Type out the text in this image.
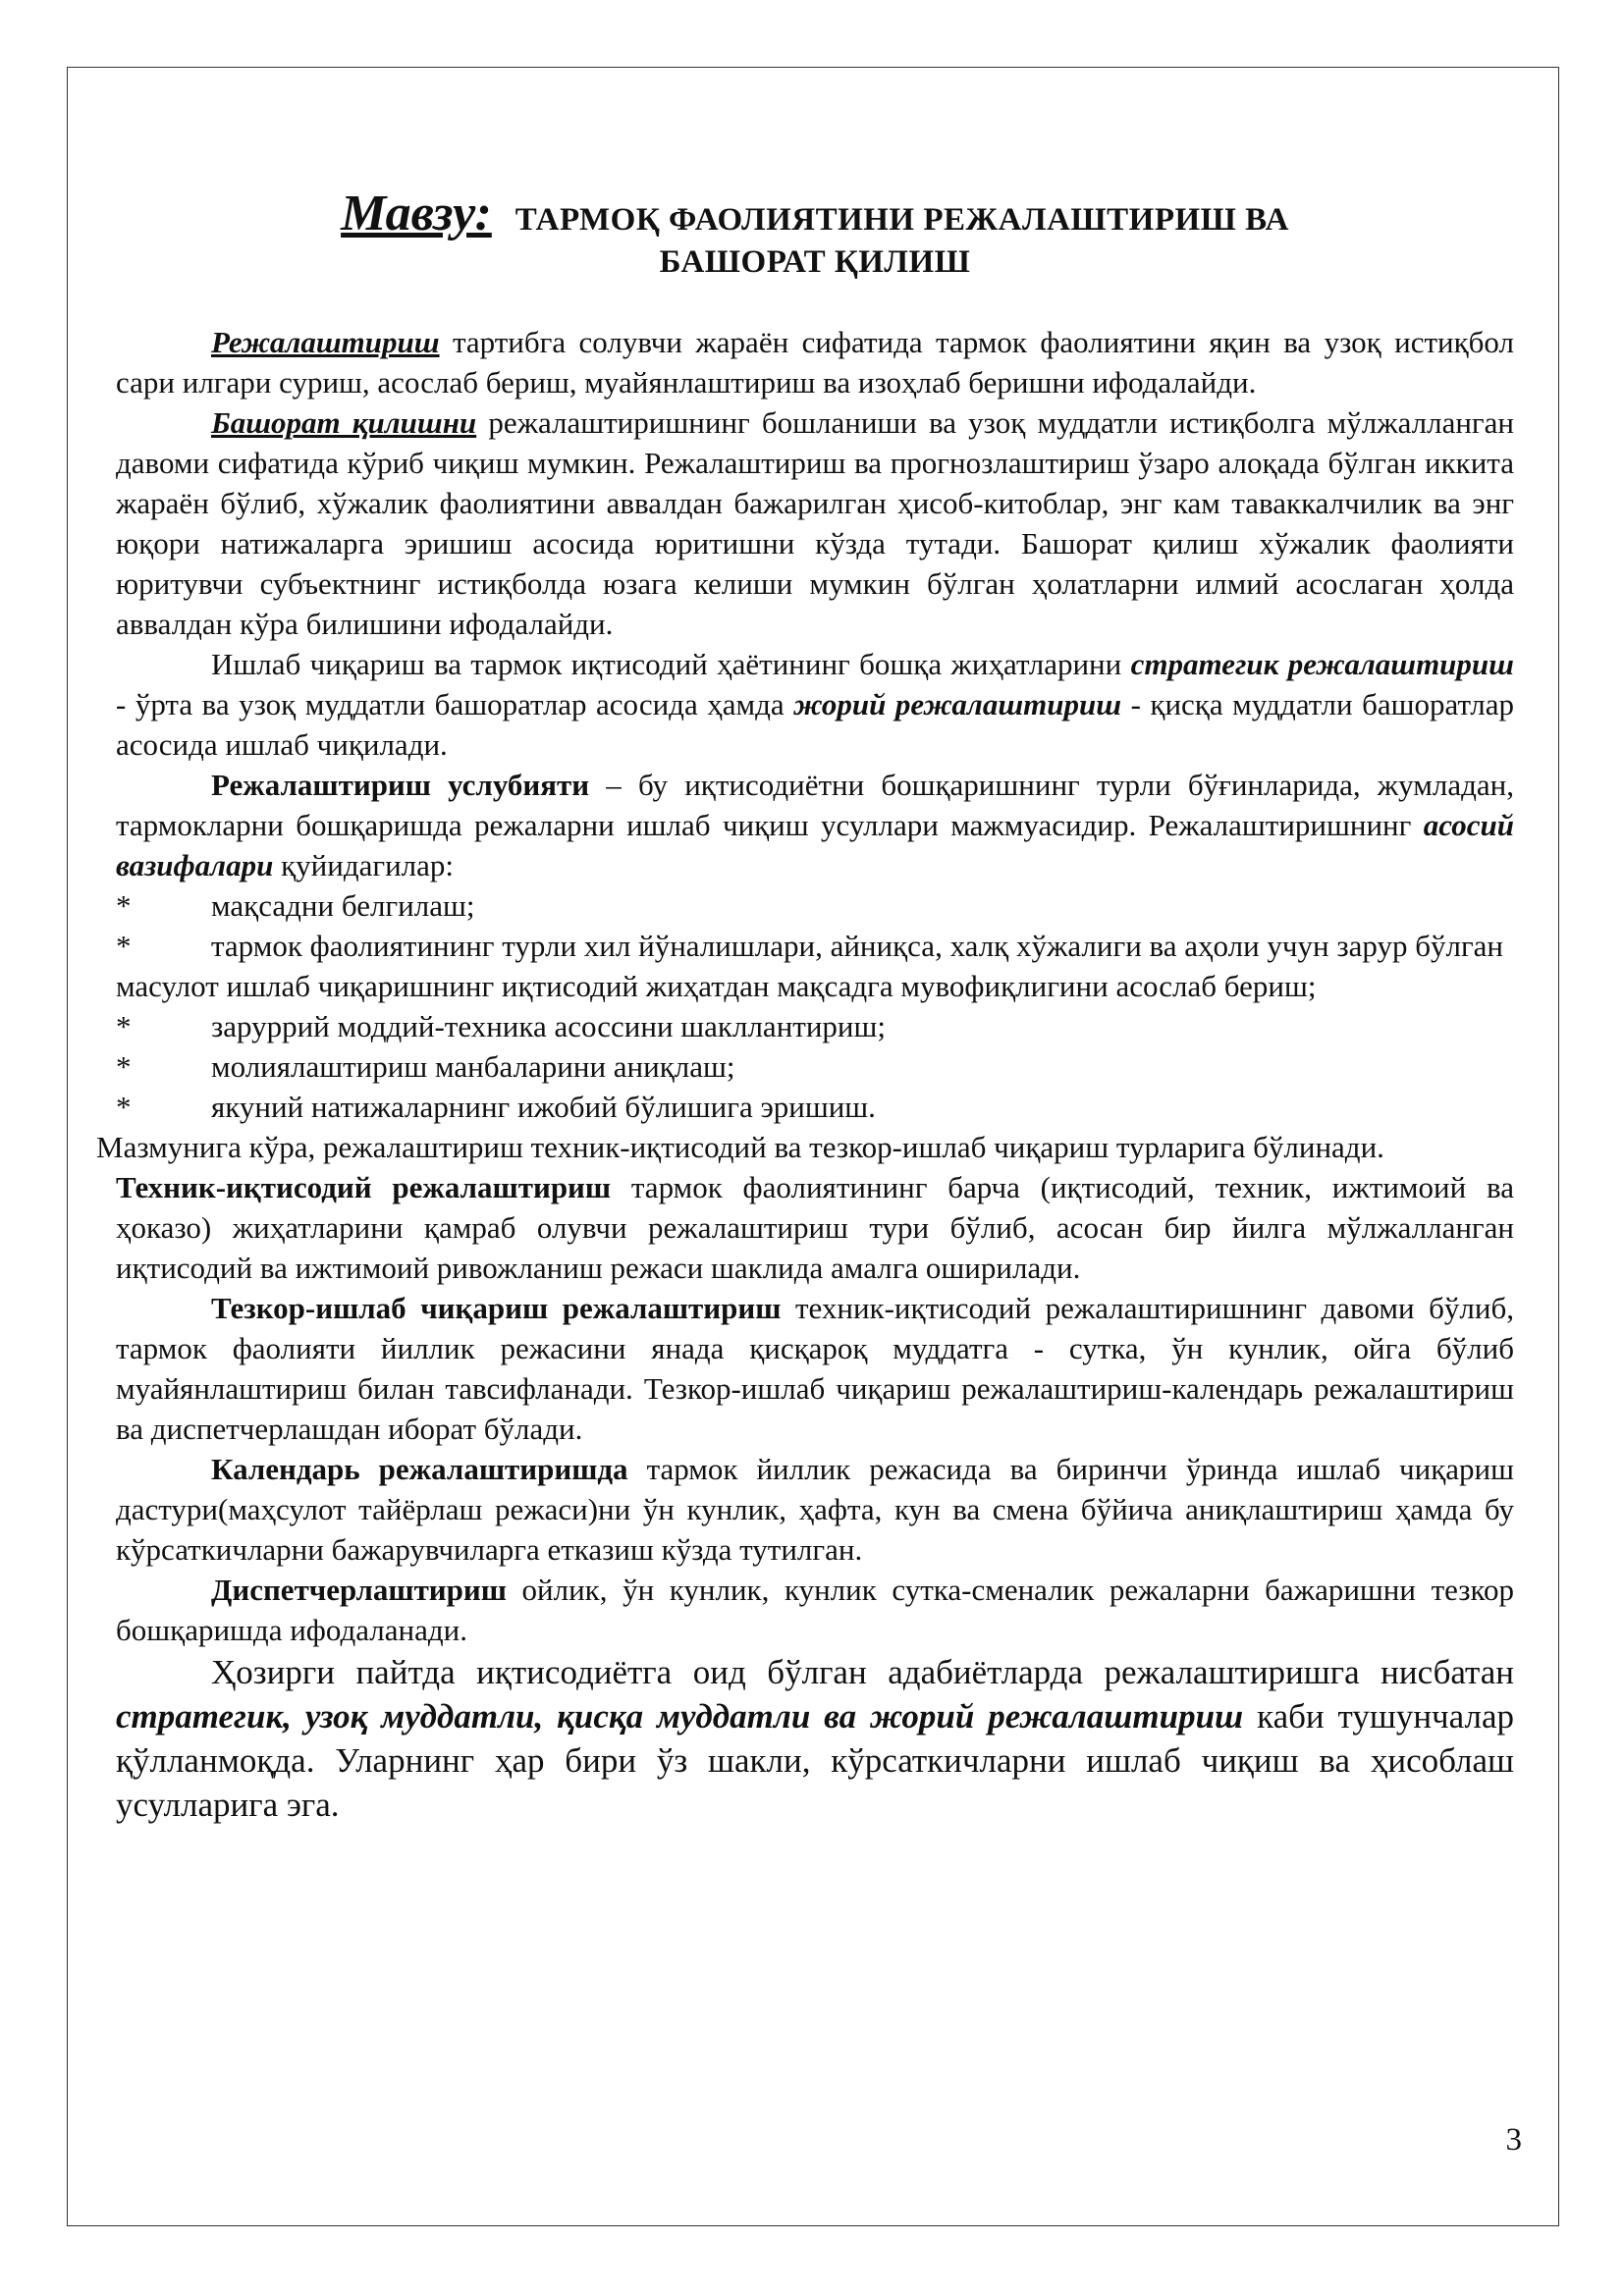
Мавзу: ТАРМОҚ ФАОЛИЯТИНИ РЕЖАЛАШТИРИШ ВА
БАШОРАТ ҚИЛИШ

Режалаштириш тартибга солувчи жараён сифатида тармок фаолиятини яқин ва узоқ истиқбол сари илгари суриш, асослаб бериш, муайянлаштириш ва изоҳлаб беришни ифодалайди.

Башорат қилишни режалаштиришнинг бошланиши ва узоқ муддатли истиқболга мўлжалланган давоми сифатида кўриб чиқиш мумкин. Режалаштириш ва прогнозлаштириш ўзаро алоқада бўлган иккита жараён бўлиб, хўжалик фаолиятини аввалдан бажарилган ҳисоб-китоблар, энг кам таваккалчилик ва энг юқори натижаларга эришиш асосида юритишни кўзда тутади. Башорат қилиш хўжалик фаолияти юритувчи субъектнинг истиқболда юзага келиши мумкин бўлган ҳолатларни илмий асослаган ҳолда аввалдан кўра билишини ифодалайди.

Ишлаб чиқариш ва тармок иқтисодий ҳаётининг бошқа жиҳатларини стратегик режалаштириш - ўрта ва узоқ муддатли башоратлар асосида ҳамда жорий режалаштириш - қисқа муддатли башоратлар асосида ишлаб чиқилади.

Режалаштириш услубияти – бу иқтисодиётни бошқаришнинг турли бўғинларида, жумладан, тармокларни бошқаришда режаларни ишлаб чиқиш усуллари мажмуасидир. Режалаштиришнинг асосий вазифалари қуйидагилар:

*	мақсадни белгилаш;
*	тармок фаолиятининг турли хил йўналишлари, айниқса, халқ хўжалиги ва аҳоли учун зарур бўлган масулот ишлаб чиқаришнинг иқтисодий жиҳатдан мақсадга мувофиқлигини асослаб бериш;
*	заруррий моддий-техника асоссини шакллантириш;
*	молиялаштириш манбаларини аниқлаш;
*	якуний натижаларнинг ижобий бўлишига эришиш.

Мазмунига кўра, режалаштириш техник-иқтисодий ва тезкор-ишлаб чиқариш турларига бўлинади.

Техник-иқтисодий режалаштириш тармок фаолиятининг барча (иқтисодий, техник, ижтимоий ва ҳоказо) жиҳатларини қамраб олувчи режалаштириш тури бўлиб, асосан бир йилга мўлжалланган иқтисодий ва ижтимоий ривожланиш режаси шаклида амалга оширилади.

Тезкор-ишлаб чиқариш режалаштириш техник-иқтисодий режалаштиришнинг давоми бўлиб, тармок фаолияти йиллик режасини янада қисқароқ муддатга - сутка, ўн кунлик, ойга бўлиб муайянлаштириш билан тавсифланади. Тезкор-ишлаб чиқариш режалаштириш-календарь режалаштириш ва диспетчерлашдан иборат бўлади.

Календарь режалаштиришда тармок йиллик режасида ва биринчи ўринда ишлаб чиқариш дастури(маҳсулот тайёрлаш режаси)ни ўн кунлик, ҳафта, кун ва смена бўйича аниқлаштириш ҳамда бу кўрсаткичларни бажарувчиларга етказиш кўзда тутилган.

Диспетчерлаштириш ойлик, ўн кунлик, кунлик сутка-сменалик режаларни бажаришни тезкор бошқаришда ифодаланади.

Ҳозирги пайтда иқтисодиётга оид бўлган адабиётларда режалаштиришга нисбатан стратегик, узоқ муддатли, қисқа муддатли ва жорий режалаштириш каби тушунчалар қўлланмоқда. Уларнинг ҳар бири ўз шакли, кўрсаткичларни ишлаб чиқиш ва ҳисоблаш усулларига эга.

3
